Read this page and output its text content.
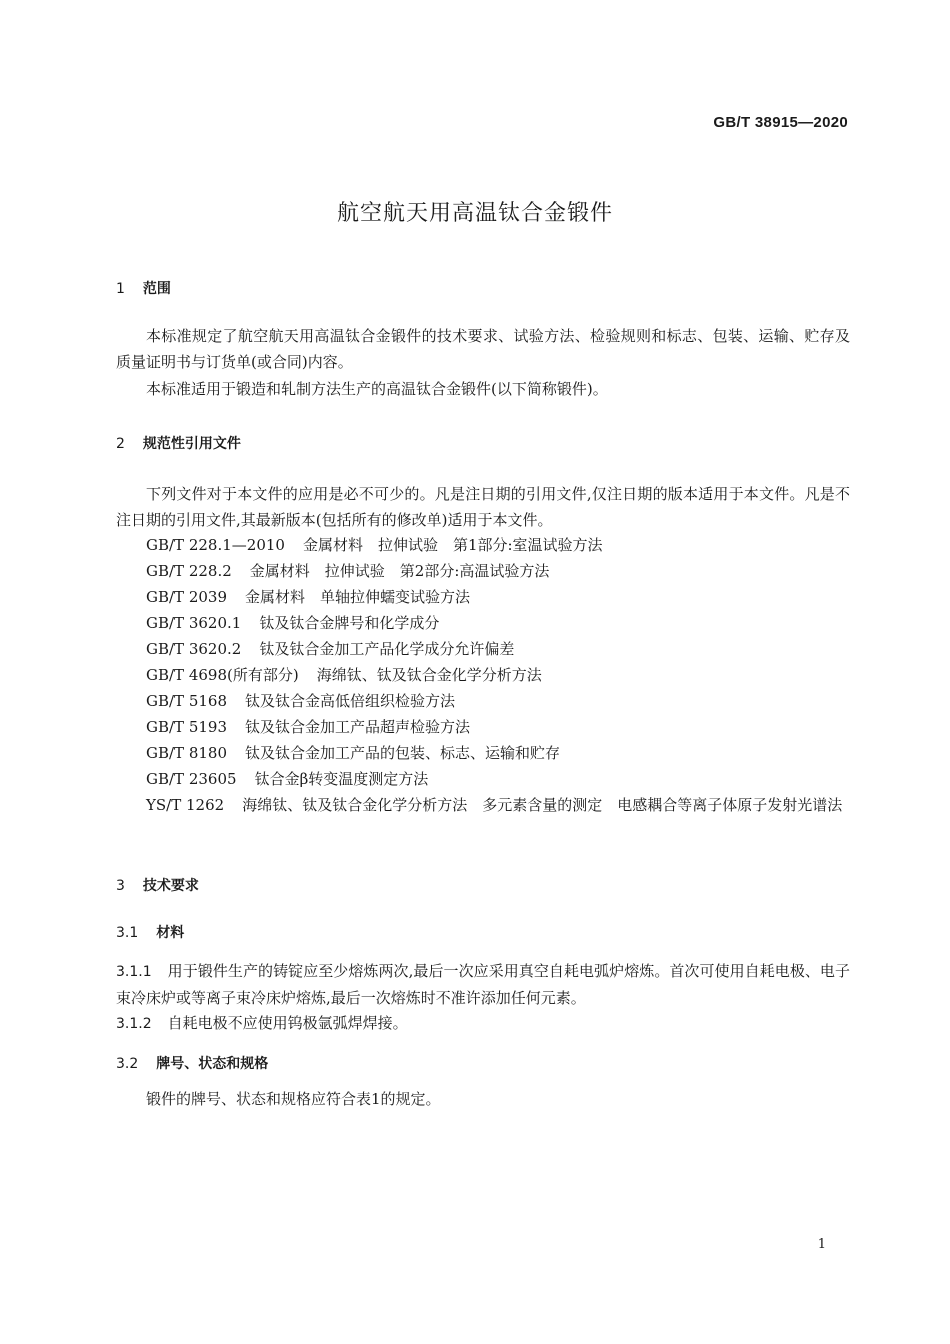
GB/T 38915—2020
航空航天用高温钛合金锻件
1 范围
本标准规定了航空航天用高温钛合金锻件的技术要求、试验方法、检验规则和标志、包装、运输、贮存及质量证明书与订货单(或合同)内容。
本标准适用于锻造和轧制方法生产的高温钛合金锻件(以下简称锻件)。
2 规范性引用文件
下列文件对于本文件的应用是必不可少的。凡是注日期的引用文件,仅注日期的版本适用于本文件。凡是不注日期的引用文件,其最新版本(包括所有的修改单)适用于本文件。
GB/T 228.1—2010 金属材料　拉伸试验　第1部分:室温试验方法
GB/T 228.2 金属材料　拉伸试验　第2部分:高温试验方法
GB/T 2039 金属材料　单轴拉伸蠕变试验方法
GB/T 3620.1 钛及钛合金牌号和化学成分
GB/T 3620.2 钛及钛合金加工产品化学成分允许偏差
GB/T 4698(所有部分) 海绵钛、钛及钛合金化学分析方法
GB/T 5168 钛及钛合金高低倍组织检验方法
GB/T 5193 钛及钛合金加工产品超声检验方法
GB/T 8180 钛及钛合金加工产品的包装、标志、运输和贮存
GB/T 23605 钛合金β转变温度测定方法
YS/T 1262 海绵钛、钛及钛合金化学分析方法　多元素含量的测定　电感耦合等离子体原子发射光谱法
3 技术要求
3.1 材料
3.1.1 用于锻件生产的铸锭应至少熔炼两次,最后一次应采用真空自耗电弧炉熔炼。首次可使用自耗电极、电子束冷床炉或等离子束冷床炉熔炼,最后一次熔炼时不准许添加任何元素。
3.1.2 自耗电极不应使用钨极氩弧焊焊接。
3.2 牌号、状态和规格
锻件的牌号、状态和规格应符合表1的规定。
1
